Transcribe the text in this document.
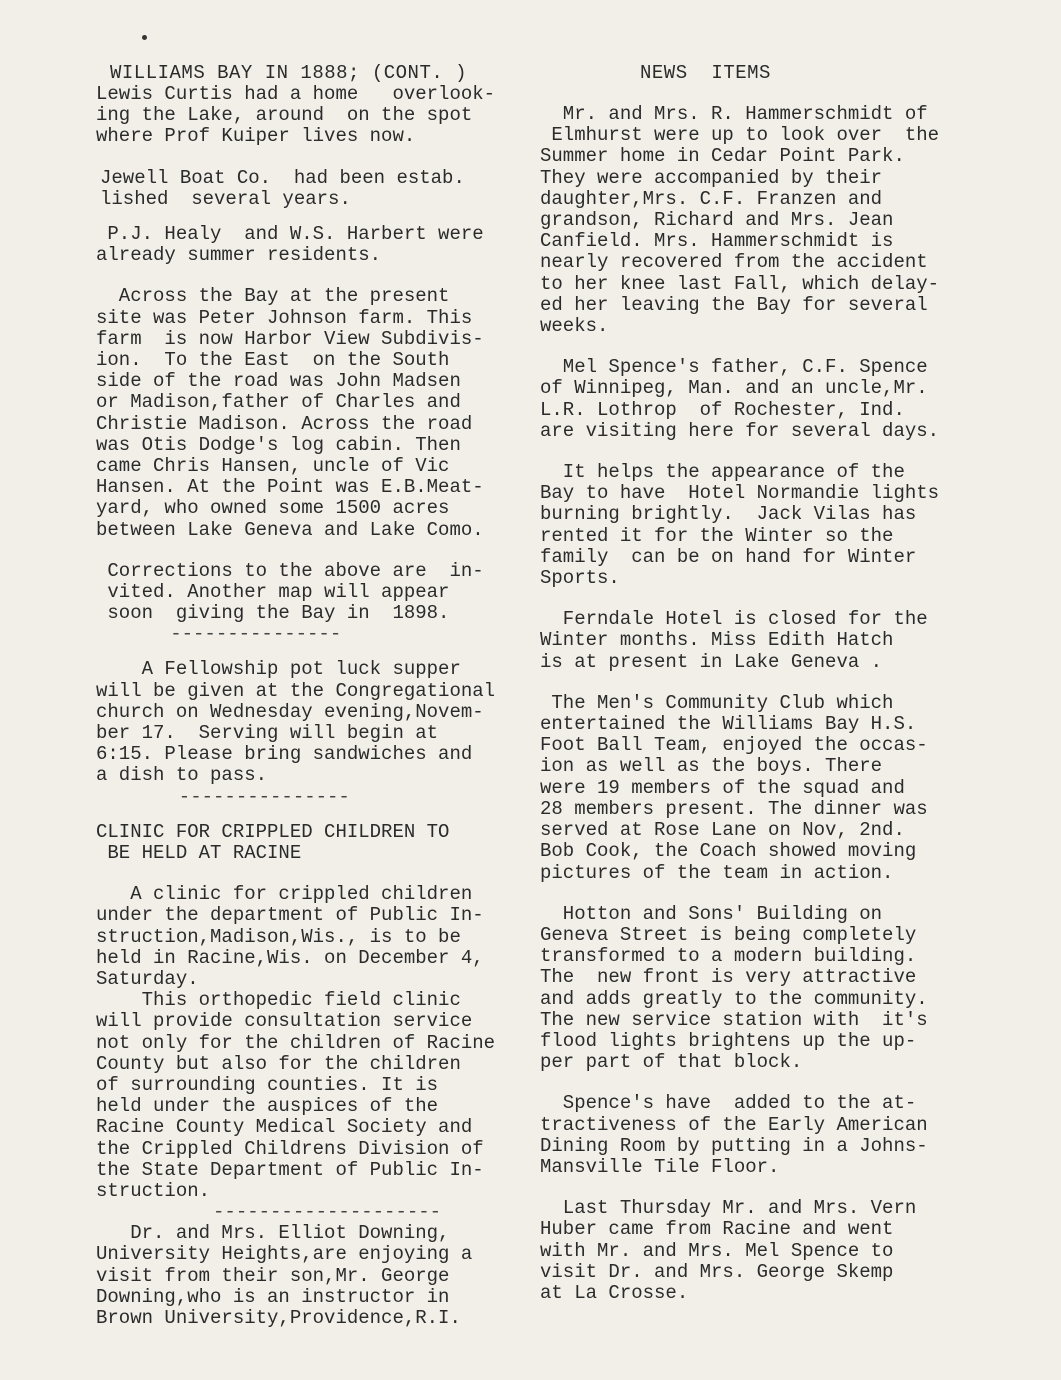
WILLIAMS BAY IN 1888; (CONT. )
Lewis Curtis had a home   overlook-
ing the Lake, around  on the spot
where Prof Kuiper lives now.
Jewell Boat Co.  had been estab.
lished  several years.
P.J. Healy  and W.S. Harbert were
already summer residents.
Across the Bay at the present
site was Peter Johnson farm. This
farm  is now Harbor View Subdivis-
ion.  To the East  on the South
side of the road was John Madsen
or Madison,father of Charles and
Christie Madison. Across the road
was Otis Dodge's log cabin. Then
came Chris Hansen, uncle of Vic
Hansen. At the Point was E.B.Meat-
yard, who owned some 1500 acres
between Lake Geneva and Lake Como.
Corrections to the above are  in-
vited. Another map will appear
soon  giving the Bay in  1898.
---------------
A Fellowship pot luck supper
will be given at the Congregational
church on Wednesday evening,Novem-
ber 17.  Serving will begin at
6:15. Please bring sandwiches and
a dish to pass.
---------------
CLINIC FOR CRIPPLED CHILDREN TO
BE HELD AT RACINE
A clinic for crippled children
under the department of Public In-
struction,Madison,Wis., is to be
held in Racine,Wis. on December 4,
Saturday.
This orthopedic field clinic
will provide consultation service
not only for the children of Racine
County but also for the children
of surrounding counties. It is
held under the auspices of the
Racine County Medical Society and
the Crippled Childrens Division of
the State Department of Public In-
struction.
--------------------
Dr. and Mrs. Elliot Downing,
University Heights,are enjoying a
visit from their son,Mr. George
Downing,who is an instructor in
Brown University,Providence,R.I.
NEWS  ITEMS
Mr. and Mrs. R. Hammerschmidt of
Elmhurst were up to look over  the
Summer home in Cedar Point Park.
They were accompanied by their
daughter,Mrs. C.F. Franzen and
grandson, Richard and Mrs. Jean
Canfield. Mrs. Hammerschmidt is
nearly recovered from the accident
to her knee last Fall, which delay-
ed her leaving the Bay for several
weeks.
Mel Spence's father, C.F. Spence
of Winnipeg, Man. and an uncle,Mr.
L.R. Lothrop  of Rochester, Ind.
are visiting here for several days.
It helps the appearance of the
Bay to have  Hotel Normandie lights
burning brightly.  Jack Vilas has
rented it for the Winter so the
family  can be on hand for Winter
Sports.
Ferndale Hotel is closed for the
Winter months. Miss Edith Hatch
is at present in Lake Geneva .
The Men's Community Club which
entertained the Williams Bay H.S.
Foot Ball Team, enjoyed the occas-
ion as well as the boys. There
were 19 members of the squad and
28 members present. The dinner was
served at Rose Lane on Nov, 2nd.
Bob Cook, the Coach showed moving
pictures of the team in action.
Hotton and Sons' Building on
Geneva Street is being completely
transformed to a modern building.
The  new front is very attractive
and adds greatly to the community.
The new service station with  it's
flood lights brightens up the up-
per part of that block.
Spence's have  added to the at-
tractiveness of the Early American
Dining Room by putting in a Johns-
Mansville Tile Floor.
Last Thursday Mr. and Mrs. Vern
Huber came from Racine and went
with Mr. and Mrs. Mel Spence to
visit Dr. and Mrs. George Skemp
at La Crosse.
